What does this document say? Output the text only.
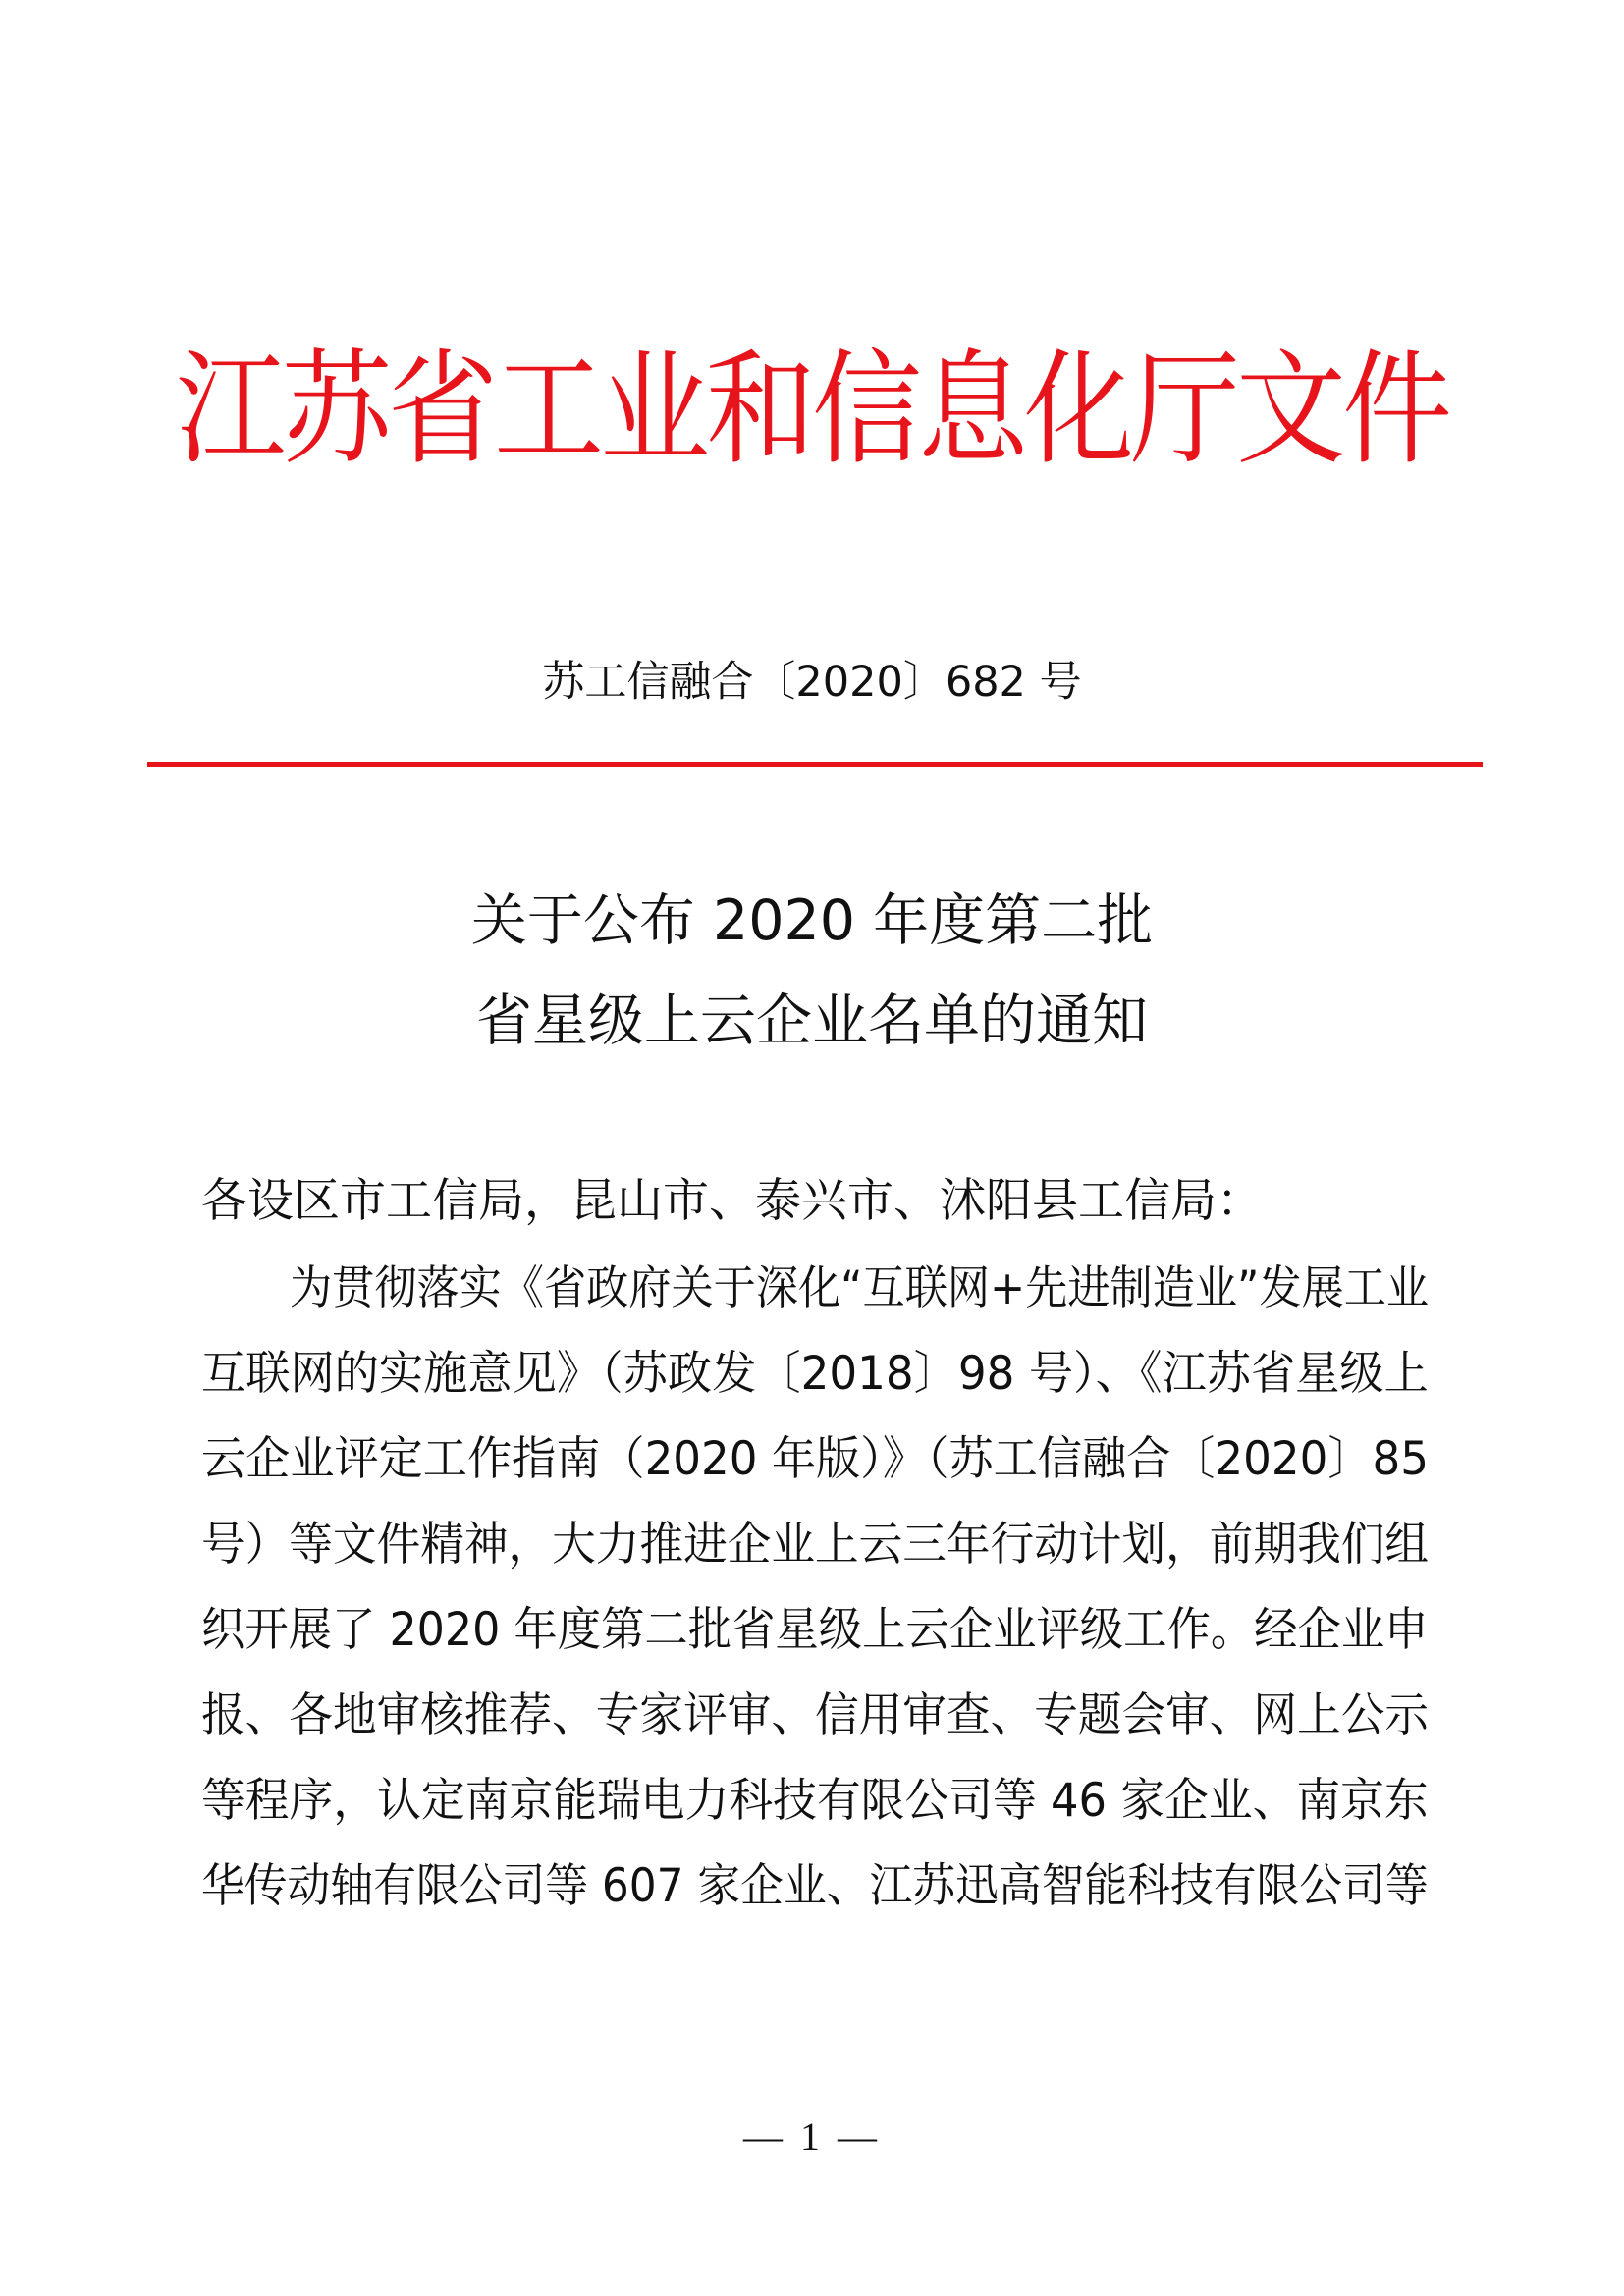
江苏省工业和信息化厅文件
苏工信融合〔2020〕682 号
关于公布 2020 年度第二批
省星级上云企业名单的通知
各设区市工信局，昆山市、泰兴市、沭阳县工信局：
为贯彻落实《省政府关于深化“互联网+先进制造业”发展工业
互联网的实施意见》（苏政发〔2018〕98 号）、《江苏省星级上
云企业评定工作指南（2020 年版）》（苏工信融合〔2020〕85
号）等文件精神，大力推进企业上云三年行动计划，前期我们组
织开展了 2020 年度第二批省星级上云企业评级工作。经企业申
报、各地审核推荐、专家评审、信用审查、专题会审、网上公示
等程序，认定南京能瑞电力科技有限公司等 46 家企业、南京东
华传动轴有限公司等 607 家企业、江苏迅高智能科技有限公司等
— 1 —
